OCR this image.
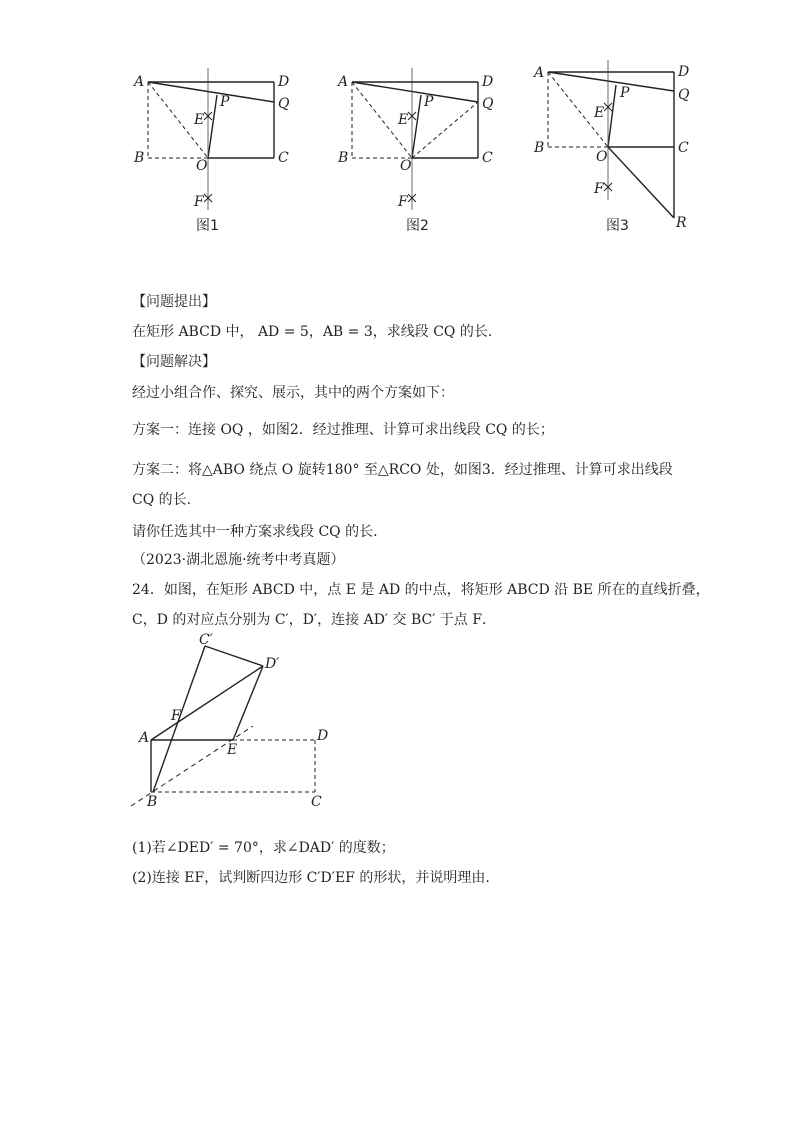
A	D
B	C
O
P	Q
E
F
图1
A	D
B	C
O
P	Q
E
F
图2
A	D
B	C
O
P	Q
E
F
R
图3
【问题提出】
在矩形 ABCD 中， AD = 5，AB = 3，求线段 CQ 的长.
【问题解决】
经过小组合作、探究、展示，其中的两个方案如下：
方案一：连接 OQ ，如图2．经过推理、计算可求出线段 CQ 的长；
方案二：将△ABO 绕点 O 旋转180° 至△RCO 处，如图3．经过推理、计算可求出线段
CQ 的长.
请你任选其中一种方案求线段 CQ 的长.
（2023·湖北恩施·统考中考真题）
24．如图，在矩形 ABCD 中，点 E 是 AD 的中点，将矩形 ABCD 沿 BE 所在的直线折叠，
C，D 的对应点分别为 C′，D′，连接 AD′ 交 BC′ 于点 F．
C′
D′
F
A
E
D
B	C
(1)若∠DED′ = 70°，求∠DAD′ 的度数；
(2)连接 EF，试判断四边形 C′D′EF 的形状，并说明理由.
